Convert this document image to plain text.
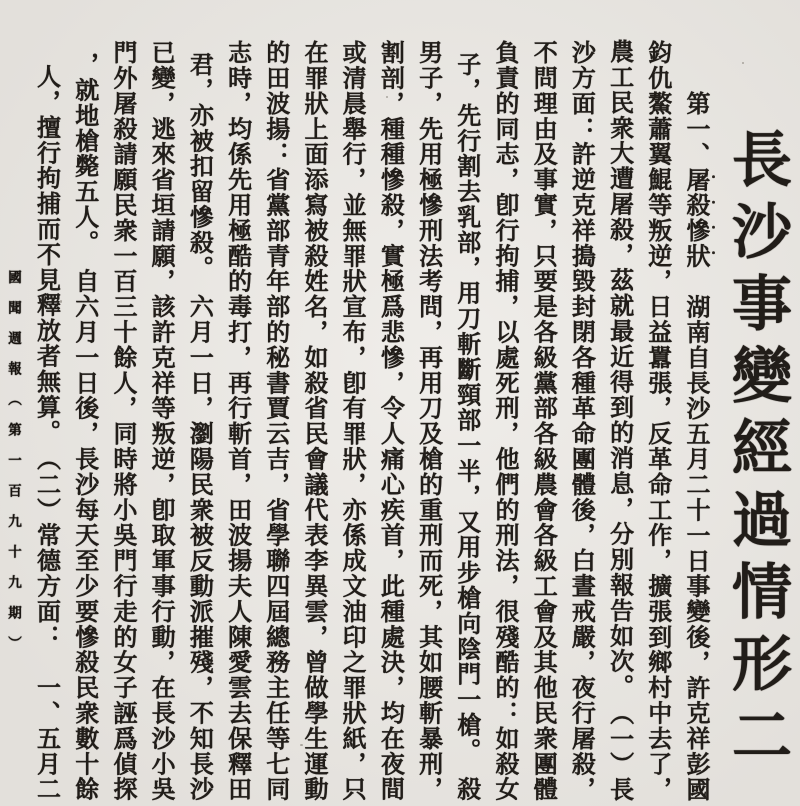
國聞週報（第一百九十九期）	長沙事變經過情形二
第一、屠殺慘狀　湖南自長沙五月二十一日事變後，許克祥彭國
鈞仇鰲蕭翼鯤等叛逆，日益囂張，反革命工作，擴張到鄉村中去了，
農工民衆大遭屠殺，茲就最近得到的消息，分別報告如次。　（一）長
沙方面：許逆克祥搗毀封閉各種革命團體後，白晝戒嚴，夜行屠殺，
不問理由及事實，只要是各級黨部各級農會各級工會及其他民衆團體
負責的同志，卽行拘捕，以處死刑，他們的刑法，很殘酷的：如殺女
子，先行割去乳部，用刀斬斷頸部一半，又用步槍向陰門一槍。　殺
男子，先用極慘刑法考問，再用刀及槍的重刑而死，其如腰斬暴刑，
割剖，種種慘殺，實極爲悲慘，令人痛心疾首，此種處決，均在夜間
或清晨舉行，並無罪狀宣布，卽有罪狀，亦係成文油印之罪狀紙，只
在罪狀上面添寫被殺姓名，如殺省民會議代表李異雲，曾做學生運動
的田波揚：省黨部青年部的秘書賈云吉，省學聯四屆總務主任等七同
志時，均係先用極酷的毒打，再行斬首，田波揚夫人陳愛雲去保釋田
君，亦被扣留慘殺。　六月一日，瀏陽民衆被反動派摧殘，不知長沙
已變，逃來省垣請願，該許克祥等叛逆，卽取軍事行動，在長沙小吳
門外屠殺請願民衆一百三十餘人，同時將小吳門行走的女子誣爲偵探
，就地槍斃五人。　自六月一日後，長沙每天至少要慘殺民衆數十餘
人，擅行拘捕而不見釋放者無算。　（二）常德方面：　一、五月二	・・・・
